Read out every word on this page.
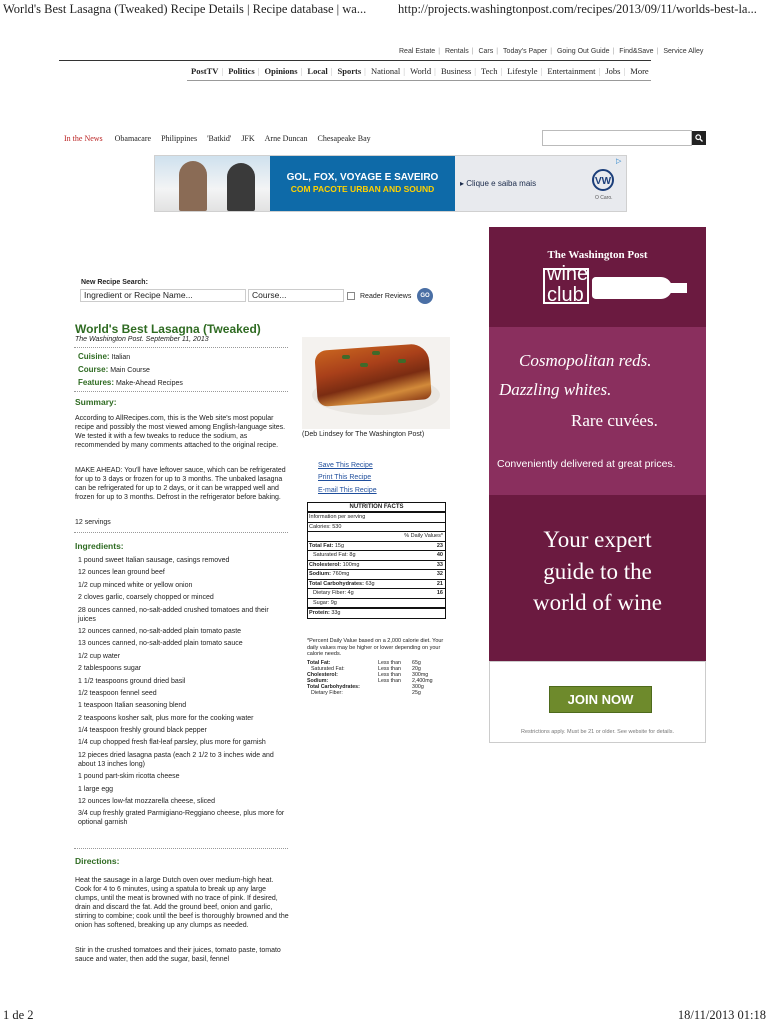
World's Best Lasagna (Tweaked) Recipe Details | Recipe database | wa...	http://projects.washingtonpost.com/recipes/2013/09/11/worlds-best-la...
1 de 2	18/11/2013 01:18
Real Estate | Rentals | Cars | Today's Paper | Going Out Guide | Find&Save | Service Alley
PostTV | Politics | Opinions | Local | Sports | National | World | Business | Tech | Lifestyle | Entertainment | Jobs | More
In the News Obamacare Philippines 'Batkid' JFK Arne Duncan Chesapeake Bay
GOL, FOX, VOYAGE E SAVEIRO
COM PACOTE URBAN AND SOUND
▸ Clique e saiba mais	VW
O Caro.
▷
New Recipe Search:
Ingredient or Recipe Name...	Course...	Reader Reviews	GO
World's Best Lasagna (Tweaked)
The Washington Post. September 11, 2013
Cuisine: Italian
Course: Main Course
Features: Make-Ahead Recipes
Summary:
According to AllRecipes.com, this is the Web site's most popular recipe and possibly the most viewed among English-language sites. We tested it with a few tweaks to reduce the sodium, as recommended by many comments attached to the original recipe.
MAKE AHEAD: You'll have leftover sauce, which can be refrigerated for up to 3 days or frozen for up to 3 months. The unbaked lasagna can be refrigerated for up to 2 days, or it can be wrapped well and frozen for up to 3 months. Defrost in the refrigerator before baking.
12 servings
Ingredients:
1 pound sweet Italian sausage, casings removed
12 ounces lean ground beef
1/2 cup minced white or yellow onion
2 cloves garlic, coarsely chopped or minced
28 ounces canned, no-salt-added crushed tomatoes and their juices
12 ounces canned, no-salt-added plain tomato paste
13 ounces canned, no-salt-added plain tomato sauce
1/2 cup water
2 tablespoons sugar
1 1/2 teaspoons ground dried basil
1/2 teaspoon fennel seed
1 teaspoon Italian seasoning blend
2 teaspoons kosher salt, plus more for the cooking water
1/4 teaspoon freshly ground black pepper
1/4 cup chopped fresh flat-leaf parsley, plus more for garnish
12 pieces dried lasagna pasta (each 2 1/2 to 3 inches wide and about 13 inches long)
1 pound part-skim ricotta cheese
1 large egg
12 ounces low-fat mozzarella cheese, sliced
3/4 cup freshly grated Parmigiano-Reggiano cheese, plus more for optional garnish
Directions:
Heat the sausage in a large Dutch oven over medium-high heat. Cook for 4 to 6 minutes, using a spatula to break up any large clumps, until the meat is browned with no trace of pink. If desired, drain and discard the fat. Add the ground beef, onion and garlic, stirring to combine; cook until the beef is thoroughly browned and the onion has softened, breaking up any clumps as needed.
Stir in the crushed tomatoes and their juices, tomato paste, tomato sauce and water, then add the sugar, basil, fennel
(Deb Lindsey for The Washington Post)
Save This Recipe
Print This Recipe
E-mail This Recipe
NUTRITION FACTS
Information per serving
Calories: 530
% Daily Values*
Total Fat: 15g	23
Saturated Fat: 8g	40
Cholesterol: 100mg	33
Sodium: 760mg	32
Total Carbohydrates: 63g	21
Dietary Fiber: 4g	16
Sugar: 9g
Protein: 33g
*Percent Daily Value based on a 2,000 calorie diet. Your daily values may be higher or lower depending on your calorie needs.
Total Fat:	Less than	65g
Saturated Fat:	Less than	20g
Cholesterol:	Less than	300mg
Sodium:	Less than	2,400mg
Total Carbohydrates:		300g
Dietary Fiber:		25g
The Washington Post
wine
club
Cosmopolitan reds.
Dazzling whites.
Rare cuvées.
Conveniently delivered at great prices.
Your expert
guide to the
world of wine
JOIN NOW
Restrictions apply. Must be 21 or older. See website for details.
